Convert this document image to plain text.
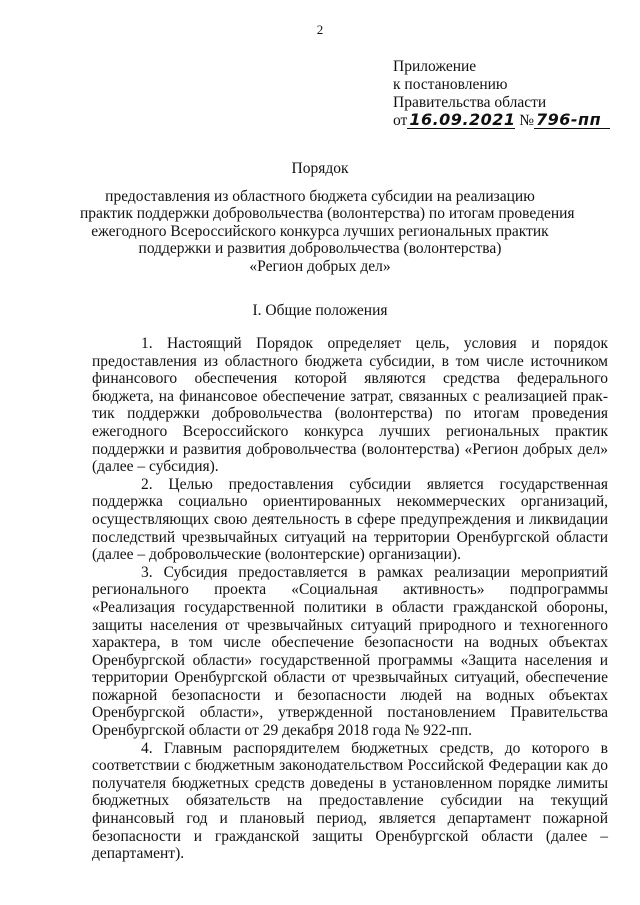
2
Приложение
к постановлению
Правительства области
от 16.09.2021 № 796-пп
Порядок
предоставления из областного бюджета субсидии на реализацию
практик поддержки добровольчества (волонтерства) по итогам проведения
ежегодного Всероссийского конкурса лучших региональных практик
поддержки и развития добровольчества (волонтерства)
«Регион добрых дел»
I. Общие положения
1. Настоящий Порядок определяет цель, условия и порядок
предоставления из областного бюджета субсидии, в том числе источником
финансового обеспечения которой являются средства федерального
бюджета, на финансовое обеспечение затрат, связанных с реализацией прак-
тик поддержки добровольчества (волонтерства) по итогам проведения
ежегодного Всероссийского конкурса лучших региональных практик
поддержки и развития добровольчества (волонтерства) «Регион добрых дел»
(далее – субсидия).
2. Целью предоставления субсидии является государственная
поддержка социально ориентированных некоммерческих организаций,
осуществляющих свою деятельность в сфере предупреждения и ликвидации
последствий чрезвычайных ситуаций на территории Оренбургской области
(далее – добровольческие (волонтерские) организации).
3. Субсидия предоставляется в рамках реализации мероприятий
регионального проекта «Социальная активность» подпрограммы
«Реализация государственной политики в области гражданской обороны,
защиты населения от чрезвычайных ситуаций природного и техногенного
характера, в том числе обеспечение безопасности на водных объектах
Оренбургской области» государственной программы «Защита населения и
территории Оренбургской области от чрезвычайных ситуаций, обеспечение
пожарной безопасности и безопасности людей на водных объектах
Оренбургской области», утвержденной постановлением Правительства
Оренбургской области от 29 декабря 2018 года № 922-пп.
4. Главным распорядителем бюджетных средств, до которого в
соответствии с бюджетным законодательством Российской Федерации как до
получателя бюджетных средств доведены в установленном порядке лимиты
бюджетных обязательств на предоставление субсидии на текущий
финансовый год и плановый период, является департамент пожарной
безопасности и гражданской защиты Оренбургской области (далее –
департамент).
